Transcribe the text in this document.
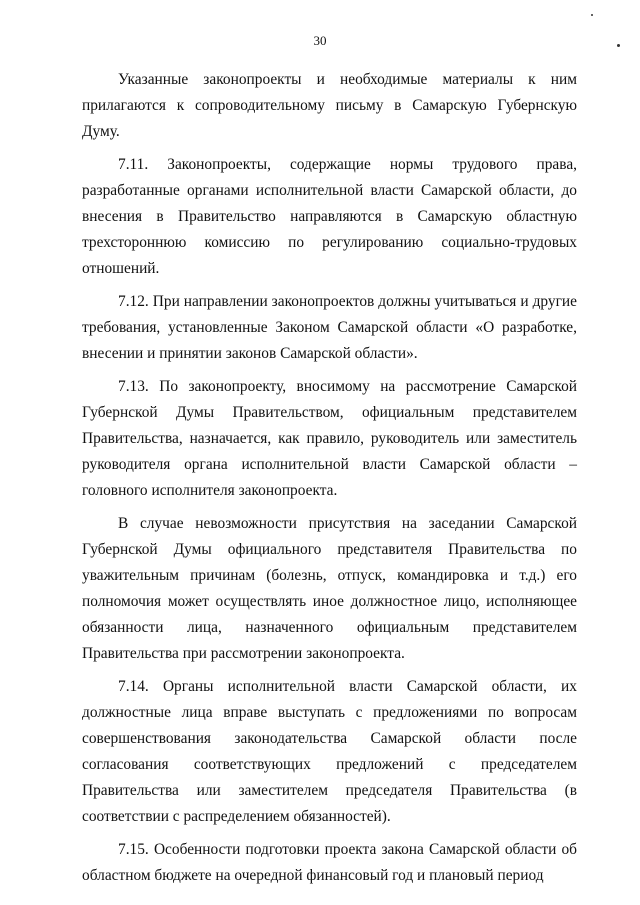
30

Указанные законопроекты и необходимые материалы к ним прилагаются к сопроводительному письму в Самарскую Губернскую Думу.

7.11. Законопроекты, содержащие нормы трудового права, разработанные органами исполнительной власти Самарской области, до внесения в Правительство направляются в Самарскую областную трехстороннюю комиссию по регулированию социально-трудовых отношений.

7.12. При направлении законопроектов должны учитываться и другие требования, установленные Законом Самарской области «О разработке, внесении и принятии законов Самарской области».

7.13. По законопроекту, вносимому на рассмотрение Самарской Губернской Думы Правительством, официальным представителем Правительства, назначается, как правило, руководитель или заместитель руководителя органа исполнительной власти Самарской области – головного исполнителя законопроекта.

В случае невозможности присутствия на заседании Самарской Губернской Думы официального представителя Правительства по уважительным причинам (болезнь, отпуск, командировка и т.д.) его полномочия может осуществлять иное должностное лицо, исполняющее обязанности лица, назначенного официальным представителем Правительства при рассмотрении законопроекта.

7.14. Органы исполнительной власти Самарской области, их должностные лица вправе выступать с предложениями по вопросам совершенствования законодательства Самарской области после согласования соответствующих предложений с председателем Правительства или заместителем председателя Правительства (в соответствии с распределением обязанностей).

7.15. Особенности подготовки проекта закона Самарской области об областном бюджете на очередной финансовый год и плановый период
